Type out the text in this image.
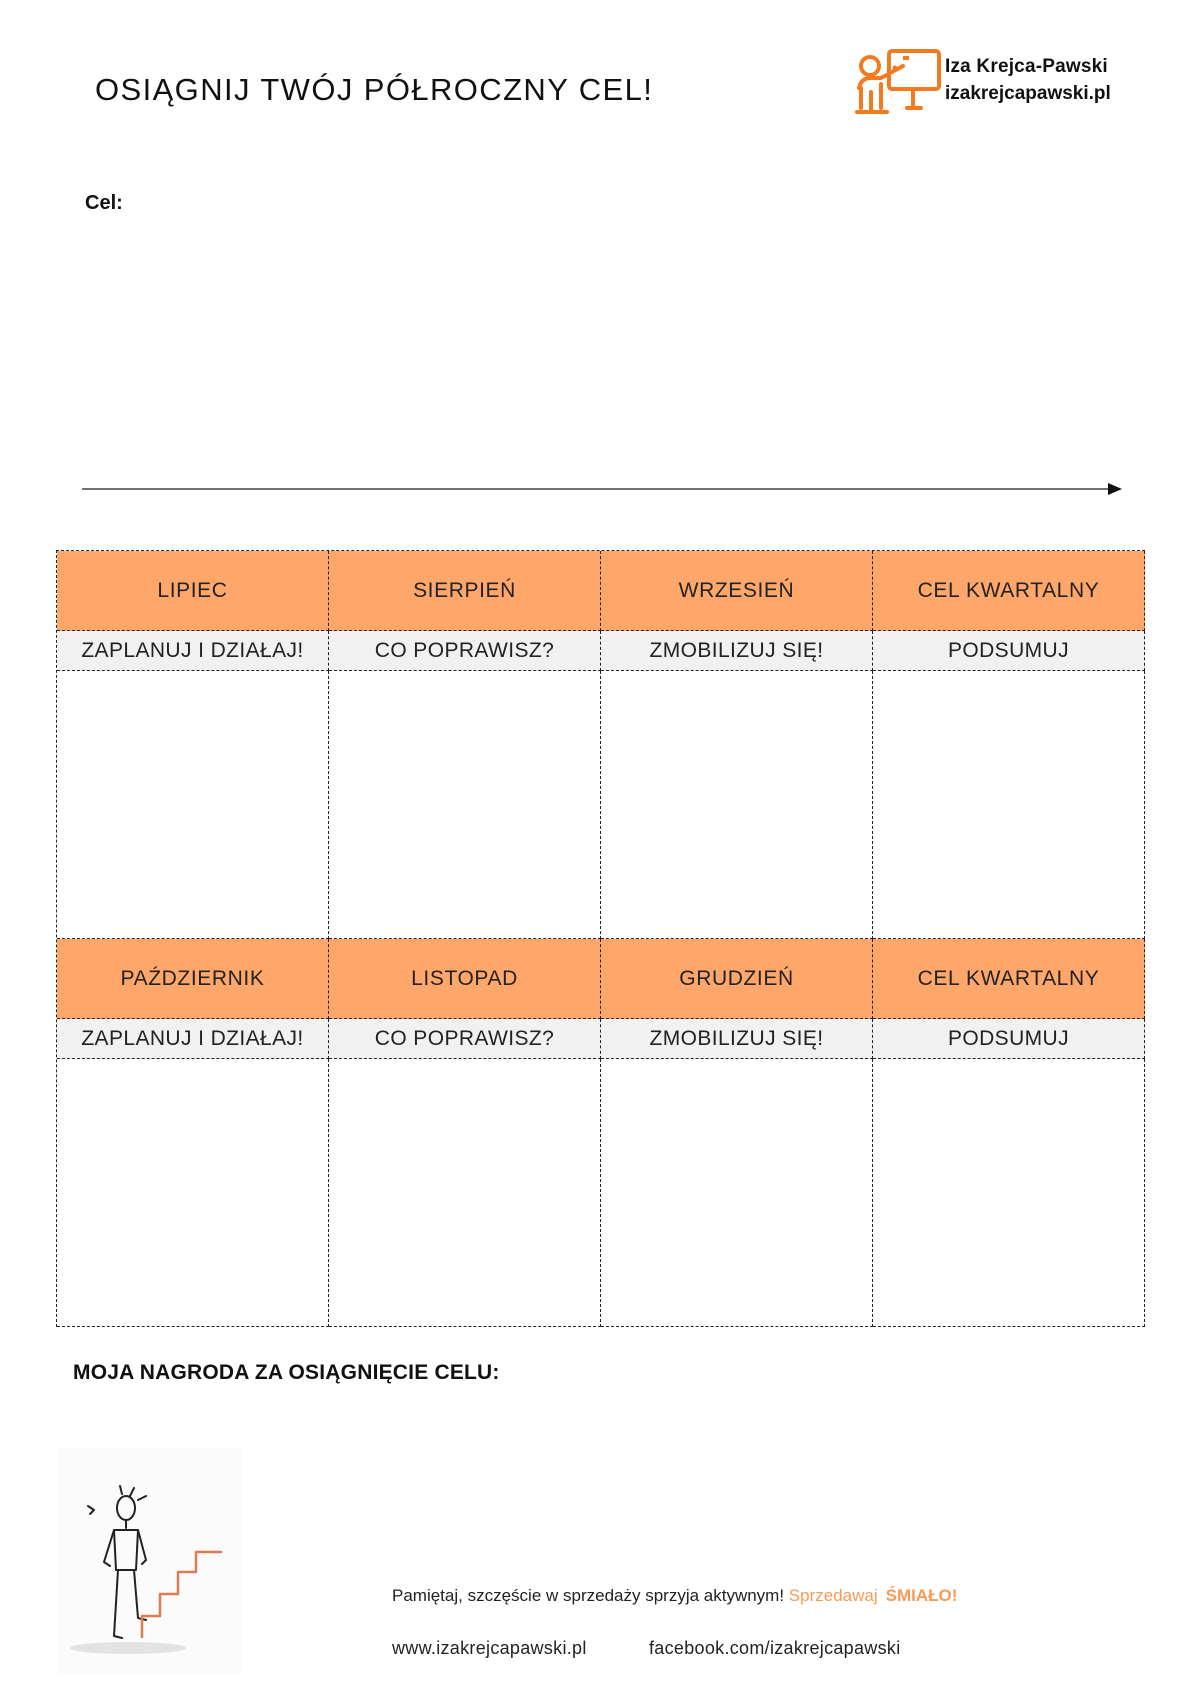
OSIĄGNIJ TWÓJ PÓŁROCZNY CEL!
Iza Krejca-Pawski
izakrejcapawski.pl
Cel:
LIPIEC	SIERPIEŃ	WRZESIEŃ	CEL KWARTALNY
ZAPLANUJ I DZIAŁAJ!	CO POPRAWISZ?	ZMOBILIZUJ SIĘ!	PODSUMUJ
PAŹDZIERNIK	LISTOPAD	GRUDZIEŃ	CEL KWARTALNY
ZAPLANUJ I DZIAŁAJ!	CO POPRAWISZ?	ZMOBILIZUJ SIĘ!	PODSUMUJ
MOJA NAGRODA ZA OSIĄGNIĘCIE CELU:
Pamiętaj, szczęście w sprzedaży sprzyja aktywnym! Sprzedawaj ŚMIAŁO!
www.izakrejcapawski.pl	facebook.com/izakrejcapawski
